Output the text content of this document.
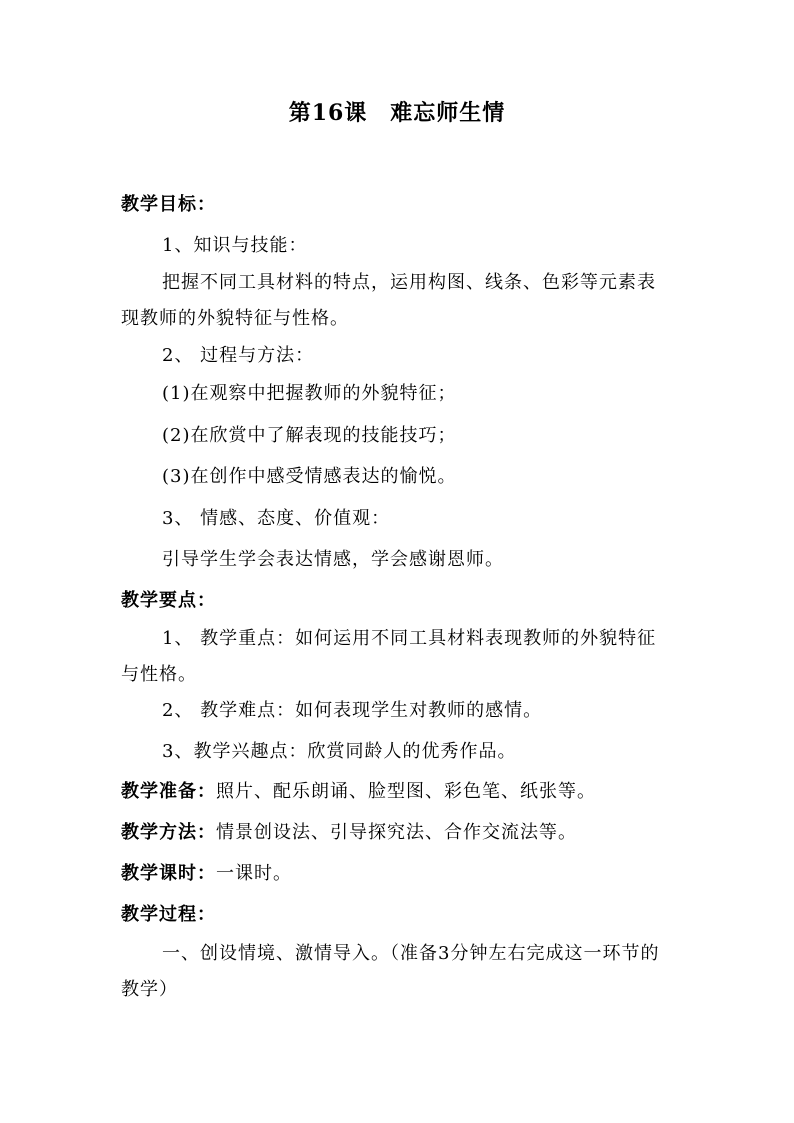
第16课　难忘师生情
教学目标：
1、知识与技能：
把握不同工具材料的特点，运用构图、线条、色彩等元素表现教师的外貌特征与性格。
2、 过程与方法：
(1)在观察中把握教师的外貌特征；
(2)在欣赏中了解表现的技能技巧；
(3)在创作中感受情感表达的愉悦。
3、 情感、态度、价值观：
引导学生学会表达情感，学会感谢恩师。
教学要点：
1、 教学重点：如何运用不同工具材料表现教师的外貌特征与性格。
2、 教学难点：如何表现学生对教师的感情。
3、教学兴趣点：欣赏同龄人的优秀作品。
教学准备：照片、配乐朗诵、脸型图、彩色笔、纸张等。
教学方法：情景创设法、引导探究法、合作交流法等。
教学课时：一课时。
教学过程：
一、创设情境、激情导入。（准备3分钟左右完成这一环节的教学）
